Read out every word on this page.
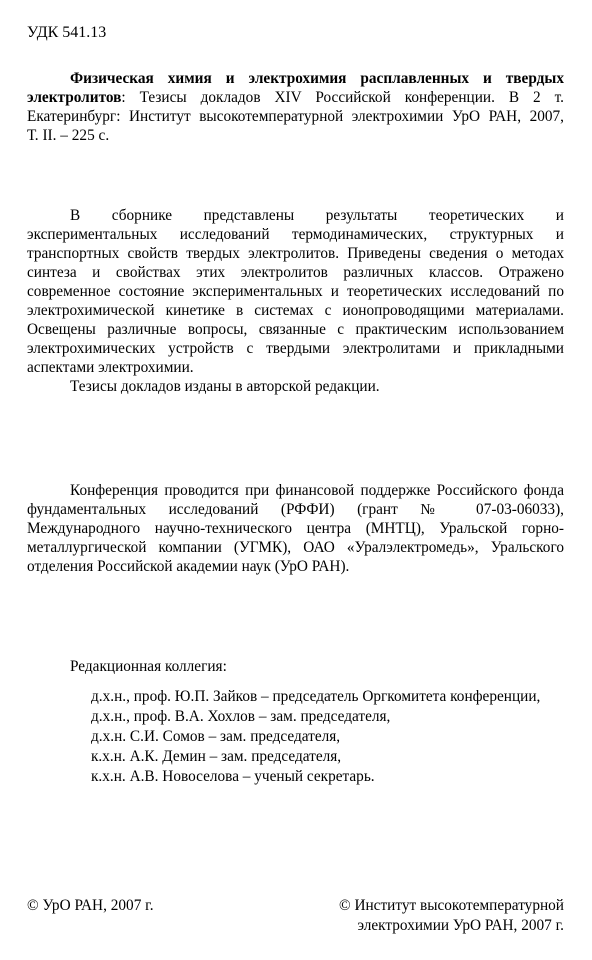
УДК 541.13
Физическая химия и электрохимия расплавленных и твердых
электролитов: Тезисы докладов XIV Российской конференции. В 2 т.
Екатеринбург: Институт высокотемпературной электрохимии УрО РАН, 2007,
Т. II. – 225 с.
В сборнике представлены результаты теоретических и
экспериментальных исследований термодинамических, структурных и
транспортных свойств твердых электролитов. Приведены сведения о методах
синтеза и свойствах этих электролитов различных классов. Отражено
современное состояние экспериментальных и теоретических исследований по
электрохимической кинетике в системах с ионопроводящими материалами.
Освещены различные вопросы, связанные с практическим использованием
электрохимических устройств с твердыми электролитами и прикладными
аспектами электрохимии.
Тезисы докладов изданы в авторской редакции.
Конференция проводится при финансовой поддержке Российского фонда
фундаментальных исследований (РФФИ) (грант № 07-03-06033),
Международного научно-технического центра (МНТЦ), Уральской горно-
металлургической компании (УГМК), ОАО «Уралэлектромедь», Уральского
отделения Российской академии наук (УрО РАН).
Редакционная коллегия:
д.х.н., проф. Ю.П. Зайков – председатель Оргкомитета конференции,
д.х.н., проф. В.А. Хохлов – зам. председателя,
д.х.н. С.И. Сомов – зам. председателя,
к.х.н. А.К. Демин – зам. председателя,
к.х.н. А.В. Новоселова – ученый секретарь.
© УрО РАН, 2007 г.	© Институт высокотемпературной
электрохимии УрО РАН, 2007 г.
